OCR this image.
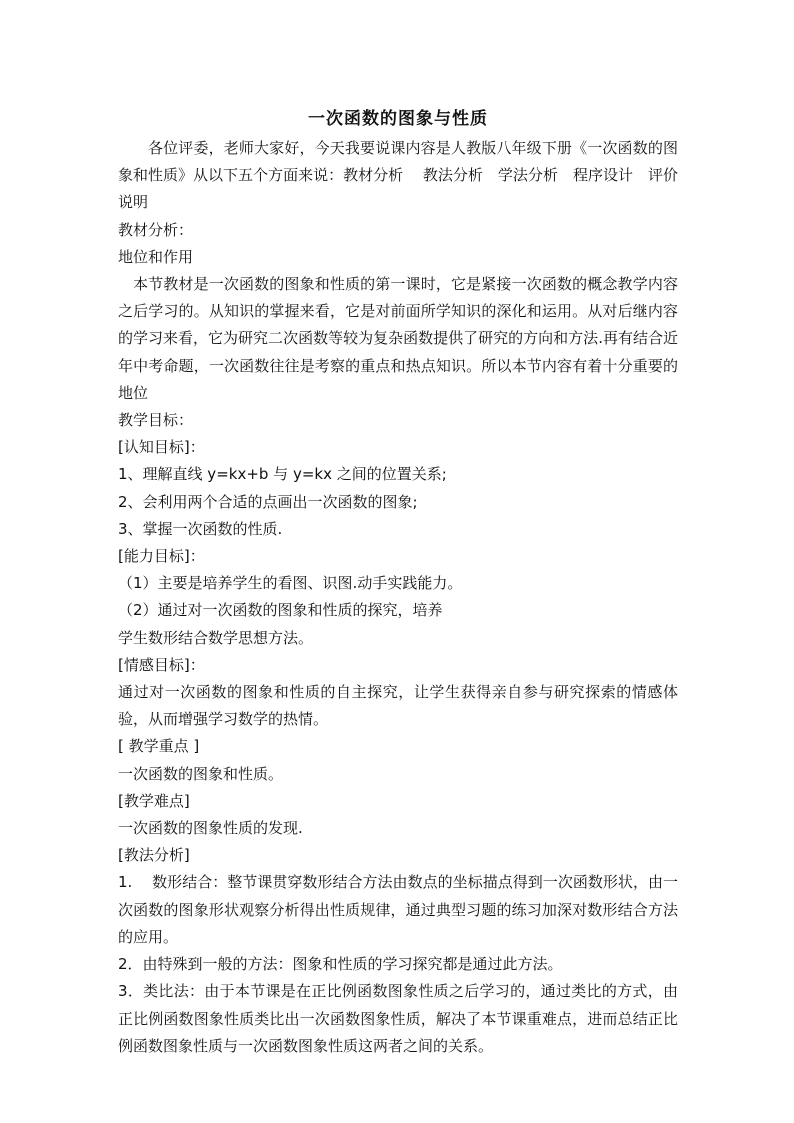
一次函数的图象与性质

各位评委，老师大家好，今天我要说课内容是人教版八年级下册《一次函数的图象和性质》从以下五个方面来说：教材分析　 教法分析　学法分析　程序设计　评价说明

教材分析：

地位和作用

本节教材是一次函数的图象和性质的第一课时，它是紧接一次函数的概念教学内容之后学习的。从知识的掌握来看，它是对前面所学知识的深化和运用。从对后继内容的学习来看，它为研究二次函数等较为复杂函数提供了研究的方向和方法.再有结合近年中考命题，一次函数往往是考察的重点和热点知识。所以本节内容有着十分重要的地位

教学目标：

[认知目标]：

1、理解直线 y=kx+b 与 y=kx 之间的位置关系;

2、会利用两个合适的点画出一次函数的图象;

3、掌握一次函数的性质.

[能力目标]：

（1）主要是培养学生的看图、识图.动手实践能力。

（2）通过对一次函数的图象和性质的探究，培养

学生数形结合数学思想方法。

[情感目标]：

通过对一次函数的图象和性质的自主探究，让学生获得亲自参与研究探索的情感体验，从而增强学习数学的热情。

[ 教学重点 ]

一次函数的图象和性质。

[教学难点]

一次函数的图象性质的发现.

[教法分析]

1.　 数形结合：整节课贯穿数形结合方法由数点的坐标描点得到一次函数形状，由一次函数的图象形状观察分析得出性质规律，通过典型习题的练习加深对数形结合方法的应用。

2．由特殊到一般的方法：图象和性质的学习探究都是通过此方法。

3．类比法：由于本节课是在正比例函数图象性质之后学习的，通过类比的方式，由正比例函数图象性质类比出一次函数图象性质，解决了本节课重难点，进而总结正比例函数图象性质与一次函数图象性质这两者之间的关系。
